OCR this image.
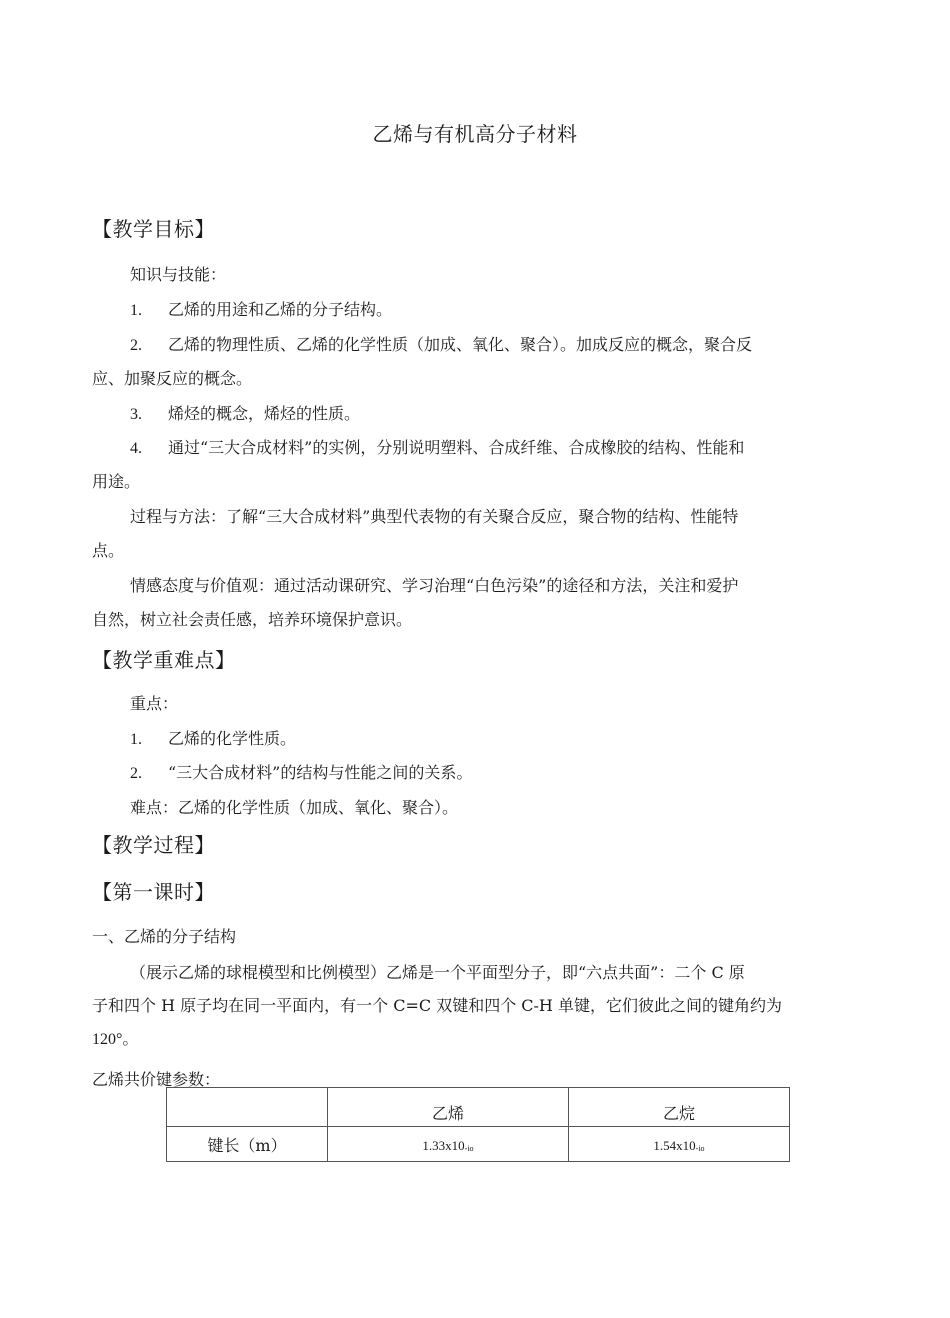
乙烯与有机高分子材料
【教学目标】
知识与技能：
1. 乙烯的用途和乙烯的分子结构。
2. 乙烯的物理性质、乙烯的化学性质（加成、氧化、聚合）。加成反应的概念，聚合反
应、加聚反应的概念。
3. 烯烃的概念，烯烃的性质。
4. 通过“三大合成材料”的实例，分别说明塑料、合成纤维、合成橡胶的结构、性能和
用途。
过程与方法：了解“三大合成材料”典型代表物的有关聚合反应，聚合物的结构、性能特
点。
情感态度与价值观：通过活动课研究、学习治理“白色污染”的途径和方法，关注和爱护
自然，树立社会责任感，培养环境保护意识。
【教学重难点】
重点：
1. 乙烯的化学性质。
2. “三大合成材料”的结构与性能之间的关系。
难点：乙烯的化学性质（加成、氧化、聚合）。
【教学过程】
【第一课时】
一、乙烯的分子结构
（展示乙烯的球棍模型和比例模型）乙烯是一个平面型分子，即“六点共面”：二个 C 原
子和四个 H 原子均在同一平面内，有一个 C=C 双键和四个 C-H 单键，它们彼此之间的键角约为
120°。
乙烯共价键参数：
	乙烯	乙烷
键长（m）	1.33x10-io	1.54x10-io
